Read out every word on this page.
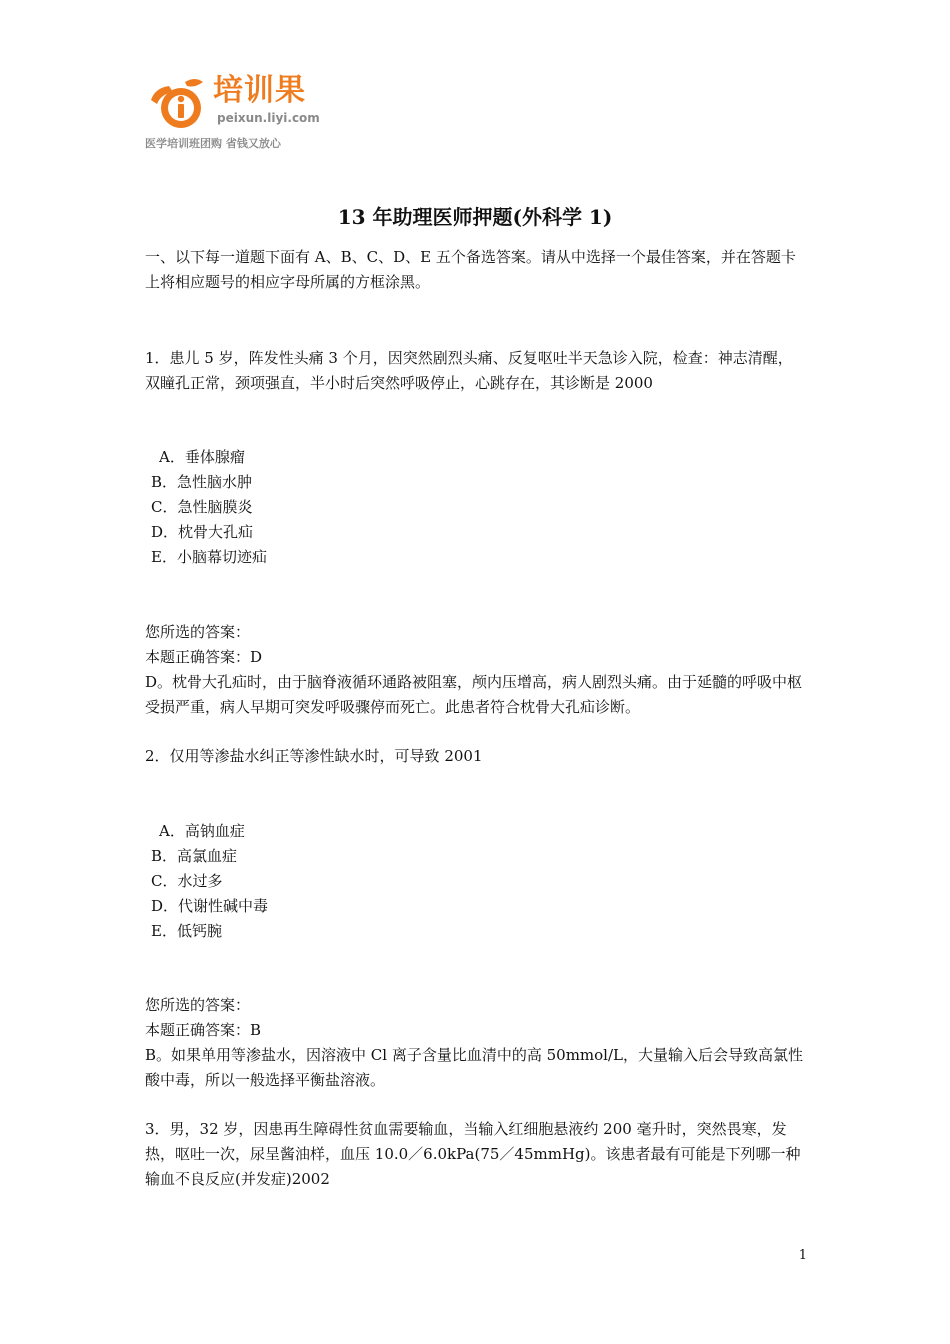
培训果
peixun.liyi.com
医学培训班团购 省钱又放心
13 年助理医师押题(外科学 1)

一、以下每一道题下面有 A、B、C、D、E 五个备选答案。请从中选择一个最佳答案，并在答题卡上将相应题号的相应字母所属的方框涂黑。

1．患儿 5 岁，阵发性头痛 3 个月，因突然剧烈头痛、反复呕吐半天急诊入院，检查：神志清醒，双瞳孔正常，颈项强直，半小时后突然呼吸停止，心跳存在，其诊断是 2000

A．垂体腺瘤

B．急性脑水肿

C．急性脑膜炎

D．枕骨大孔疝

E．小脑幕切迹疝

您所选的答案：

本题正确答案：D

D。枕骨大孔疝时，由于脑脊液循环通路被阻塞，颅内压增高，病人剧烈头痛。由于延髓的呼吸中枢受损严重，病人早期可突发呼吸骤停而死亡。此患者符合枕骨大孔疝诊断。

2．仅用等渗盐水纠正等渗性缺水时，可导致 2001

A．高钠血症

B．高氯血症

C．水过多

D．代谢性碱中毒

E．低钙腕

您所选的答案：

本题正确答案：B

B。如果单用等渗盐水，因溶液中 Cl 离子含量比血清中的高 50mmol/L，大量输入后会导致高氯性酸中毒，所以一般选择平衡盐溶液。

3．男，32 岁，因患再生障碍性贫血需要输血，当输入红细胞悬液约 200 毫升时，突然畏寒，发热，呕吐一次，尿呈酱油样，血压 10.0／6.0kPa(75／45mmHg)。该患者最有可能是下列哪一种输血不良反应(并发症)2002

1
